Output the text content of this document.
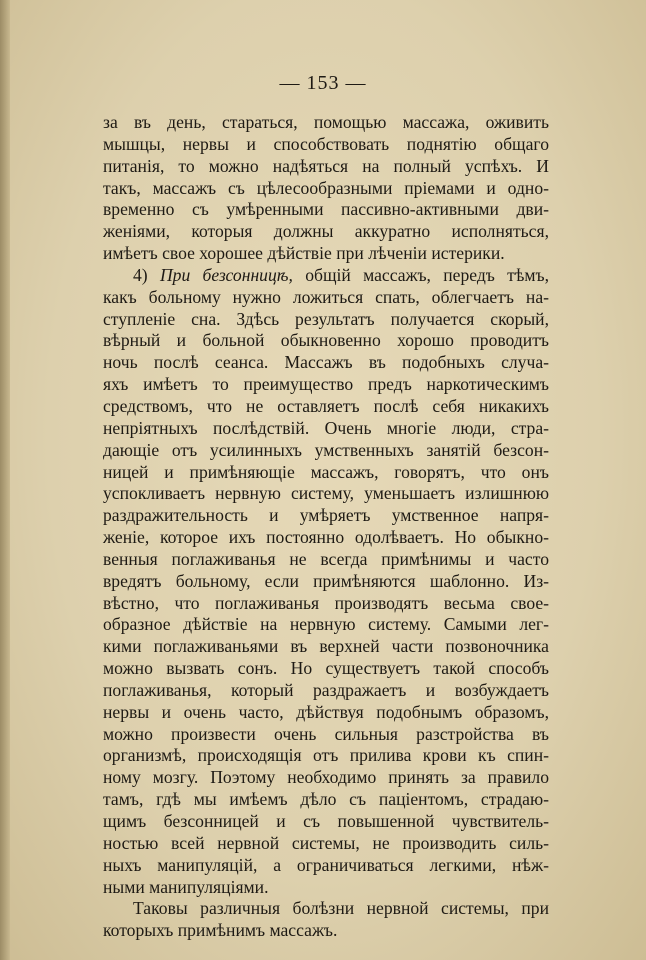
— 153 —
за въ день, стараться, помощью массажа, оживить
мышцы, нервы и способствовать поднятію общаго
питанія, то можно надѣяться на полный успѣхъ. И
такъ, массажъ съ цѣлесообразными пріемами и одно-
временно съ умѣренными пассивно-активными дви-
женіями, которыя должны аккуратно исполняться,
имѣетъ свое хорошее дѣйствіе при лѣченіи истерики.
4) При безсонницѣ, общій массажъ, передъ тѣмъ,
какъ больному нужно ложиться спать, облегчаетъ на-
ступленіе сна. Здѣсь результатъ получается скорый,
вѣрный и больной обыкновенно хорошо проводитъ
ночь послѣ сеанса. Массажъ въ подобныхъ случа-
яхъ имѣетъ то преимущество предъ наркотическимъ
средствомъ, что не оставляетъ послѣ себя никакихъ
непріятныхъ послѣдствій. Очень многіе люди, стра-
дающіе отъ усилинныхъ умственныхъ занятій безсон-
ницей и примѣняющіе массажъ, говорятъ, что онъ
успокливаетъ нервную систему, уменьшаетъ излишнюю
раздражительность и умѣряетъ умственное напря-
женіе, которое ихъ постоянно одолѣваетъ. Но обыкно-
венныя поглаживанья не всегда примѣнимы и часто
вредятъ больному, если примѣняются шаблонно. Из-
вѣстно, что поглаживанья производятъ весьма свое-
образное дѣйствіе на нервную систему. Самыми лег-
кими поглаживаньями въ верхней части позвоночника
можно вызвать сонъ. Но существуетъ такой способъ
поглаживанья, который раздражаетъ и возбуждаетъ
нервы и очень часто, дѣйствуя подобнымъ образомъ,
можно произвести очень сильныя разстройства въ
организмѣ, происходящія отъ прилива крови къ спин-
ному мозгу. Поэтому необходимо принять за правило
тамъ, гдѣ мы имѣемъ дѣло съ паціентомъ, страдаю-
щимъ безсонницей и съ повышенной чувствитель-
ностью всей нервной системы, не производить силь-
ныхъ манипуляцій, а ограничиваться легкими, нѣж-
ными манипуляціями.
Таковы различныя болѣзни нервной системы, при
которыхъ примѣнимъ массажъ.
